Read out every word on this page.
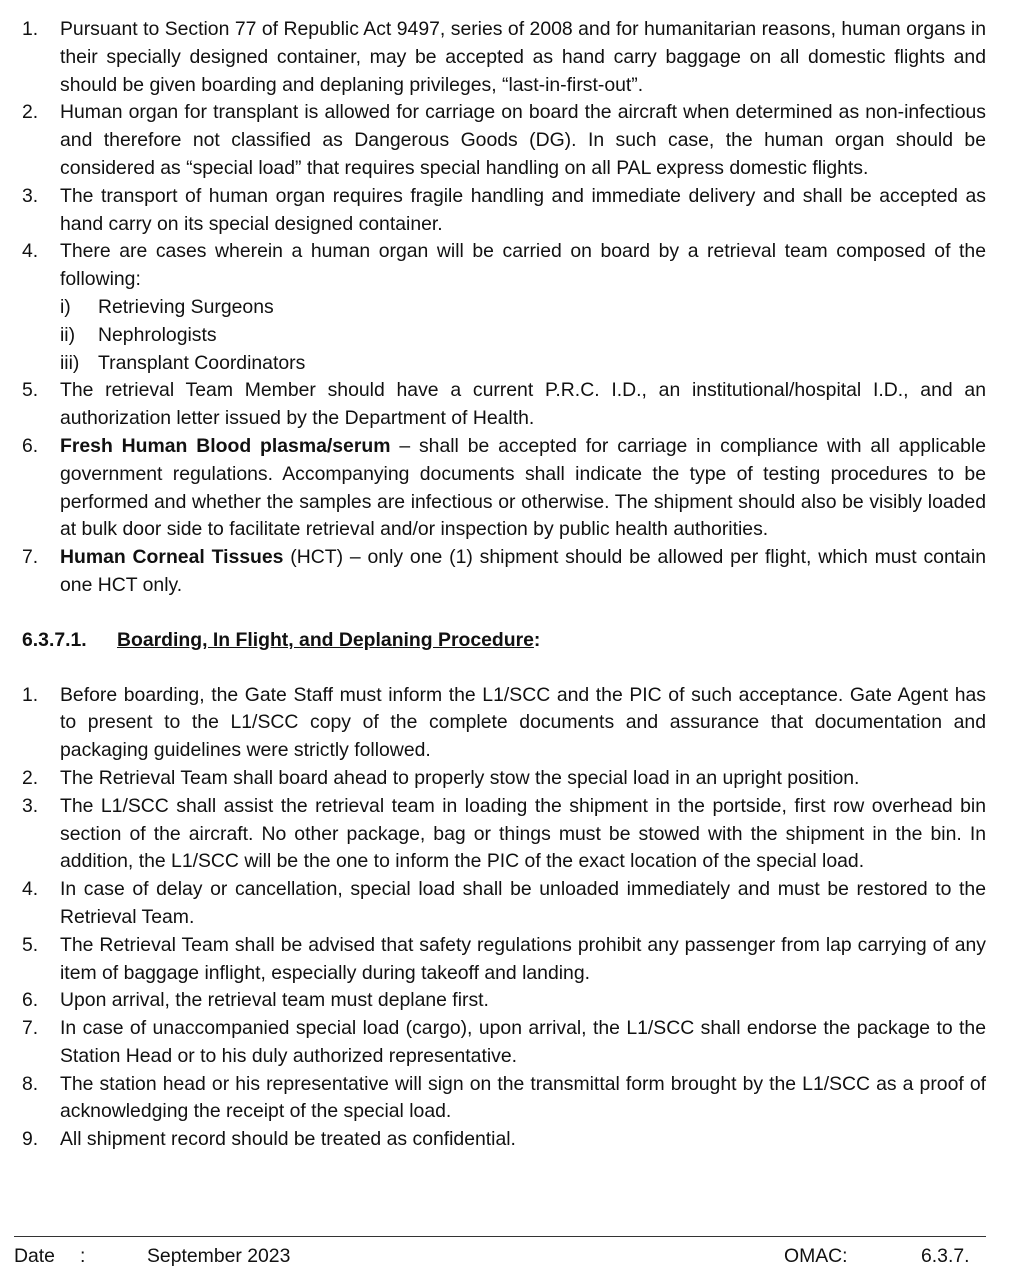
1. Pursuant to Section 77 of Republic Act 9497, series of 2008 and for humanitarian reasons, human organs in their specially designed container, may be accepted as hand carry baggage on all domestic flights and should be given boarding and deplaning privileges, “last-in-first-out”.
2. Human organ for transplant is allowed for carriage on board the aircraft when determined as non-infectious and therefore not classified as Dangerous Goods (DG). In such case, the human organ should be considered as “special load” that requires special handling on all PAL express domestic flights.
3. The transport of human organ requires fragile handling and immediate delivery and shall be accepted as hand carry on its special designed container.
4. There are cases wherein a human organ will be carried on board by a retrieval team composed of the following:
i) Retrieving Surgeons
ii) Nephrologists
iii) Transplant Coordinators
5. The retrieval Team Member should have a current P.R.C. I.D., an institutional/hospital I.D., and an authorization letter issued by the Department of Health.
6. Fresh Human Blood plasma/serum – shall be accepted for carriage in compliance with all applicable government regulations. Accompanying documents shall indicate the type of testing procedures to be performed and whether the samples are infectious or otherwise. The shipment should also be visibly loaded at bulk door side to facilitate retrieval and/or inspection by public health authorities.
7. Human Corneal Tissues (HCT) – only one (1) shipment should be allowed per flight, which must contain one HCT only.
6.3.7.1. Boarding, In Flight, and Deplaning Procedure:
1. Before boarding, the Gate Staff must inform the L1/SCC and the PIC of such acceptance. Gate Agent has to present to the L1/SCC copy of the complete documents and assurance that documentation and packaging guidelines were strictly followed.
2. The Retrieval Team shall board ahead to properly stow the special load in an upright position.
3. The L1/SCC shall assist the retrieval team in loading the shipment in the portside, first row overhead bin section of the aircraft. No other package, bag or things must be stowed with the shipment in the bin. In addition, the L1/SCC will be the one to inform the PIC of the exact location of the special load.
4. In case of delay or cancellation, special load shall be unloaded immediately and must be restored to the Retrieval Team.
5. The Retrieval Team shall be advised that safety regulations prohibit any passenger from lap carrying of any item of baggage inflight, especially during takeoff and landing.
6. Upon arrival, the retrieval team must deplane first.
7. In case of unaccompanied special load (cargo), upon arrival, the L1/SCC shall endorse the package to the Station Head or to his duly authorized representative.
8. The station head or his representative will sign on the transmittal form brought by the L1/SCC as a proof of acknowledging the receipt of the special load.
9. All shipment record should be treated as confidential.
Date :	September 2023	OMAC:	6.3.7.
